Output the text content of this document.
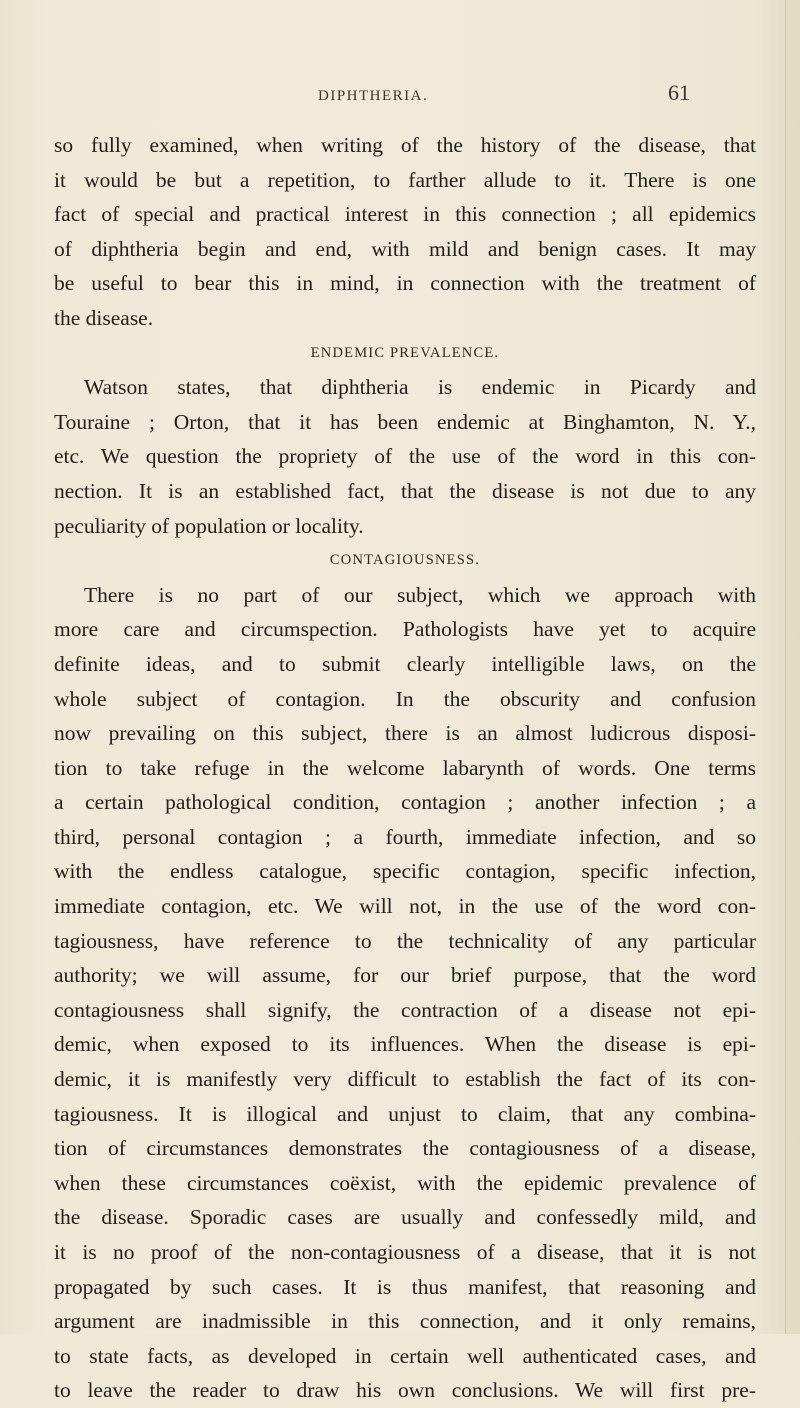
DIPHTHERIA.	61
so fully examined, when writing of the history of the disease, that
it would be but a repetition, to farther allude to it. There is one
fact of special and practical interest in this connection ; all epidemics
of diphtheria begin and end, with mild and benign cases. It may
be useful to bear this in mind, in connection with the treatment of
the disease.
ENDEMIC PREVALENCE.
Watson states, that diphtheria is endemic in Picardy and
Touraine ; Orton, that it has been endemic at Binghamton, N. Y.,
etc. We question the propriety of the use of the word in this con-
nection. It is an established fact, that the disease is not due to any
peculiarity of population or locality.
CONTAGIOUSNESS.
There is no part of our subject, which we approach with
more care and circumspection. Pathologists have yet to acquire
definite ideas, and to submit clearly intelligible laws, on the
whole subject of contagion. In the obscurity and confusion
now prevailing on this subject, there is an almost ludicrous disposi-
tion to take refuge in the welcome labarynth of words. One terms
a certain pathological condition, contagion ; another infection ; a
third, personal contagion ; a fourth, immediate infection, and so
with the endless catalogue, specific contagion, specific infection,
immediate contagion, etc. We will not, in the use of the word con-
tagiousness, have reference to the technicality of any particular
authority; we will assume, for our brief purpose, that the word
contagiousness shall signify, the contraction of a disease not epi-
demic, when exposed to its influences. When the disease is epi-
demic, it is manifestly very difficult to establish the fact of its con-
tagiousness. It is illogical and unjust to claim, that any combina-
tion of circumstances demonstrates the contagiousness of a disease,
when these circumstances coëxist, with the epidemic prevalence of
the disease. Sporadic cases are usually and confessedly mild, and
it is no proof of the non-contagiousness of a disease, that it is not
propagated by such cases. It is thus manifest, that reasoning and
argument are inadmissible in this connection, and it only remains,
to state facts, as developed in certain well authenticated cases, and
to leave the reader to draw his own conclusions. We will first pre-
